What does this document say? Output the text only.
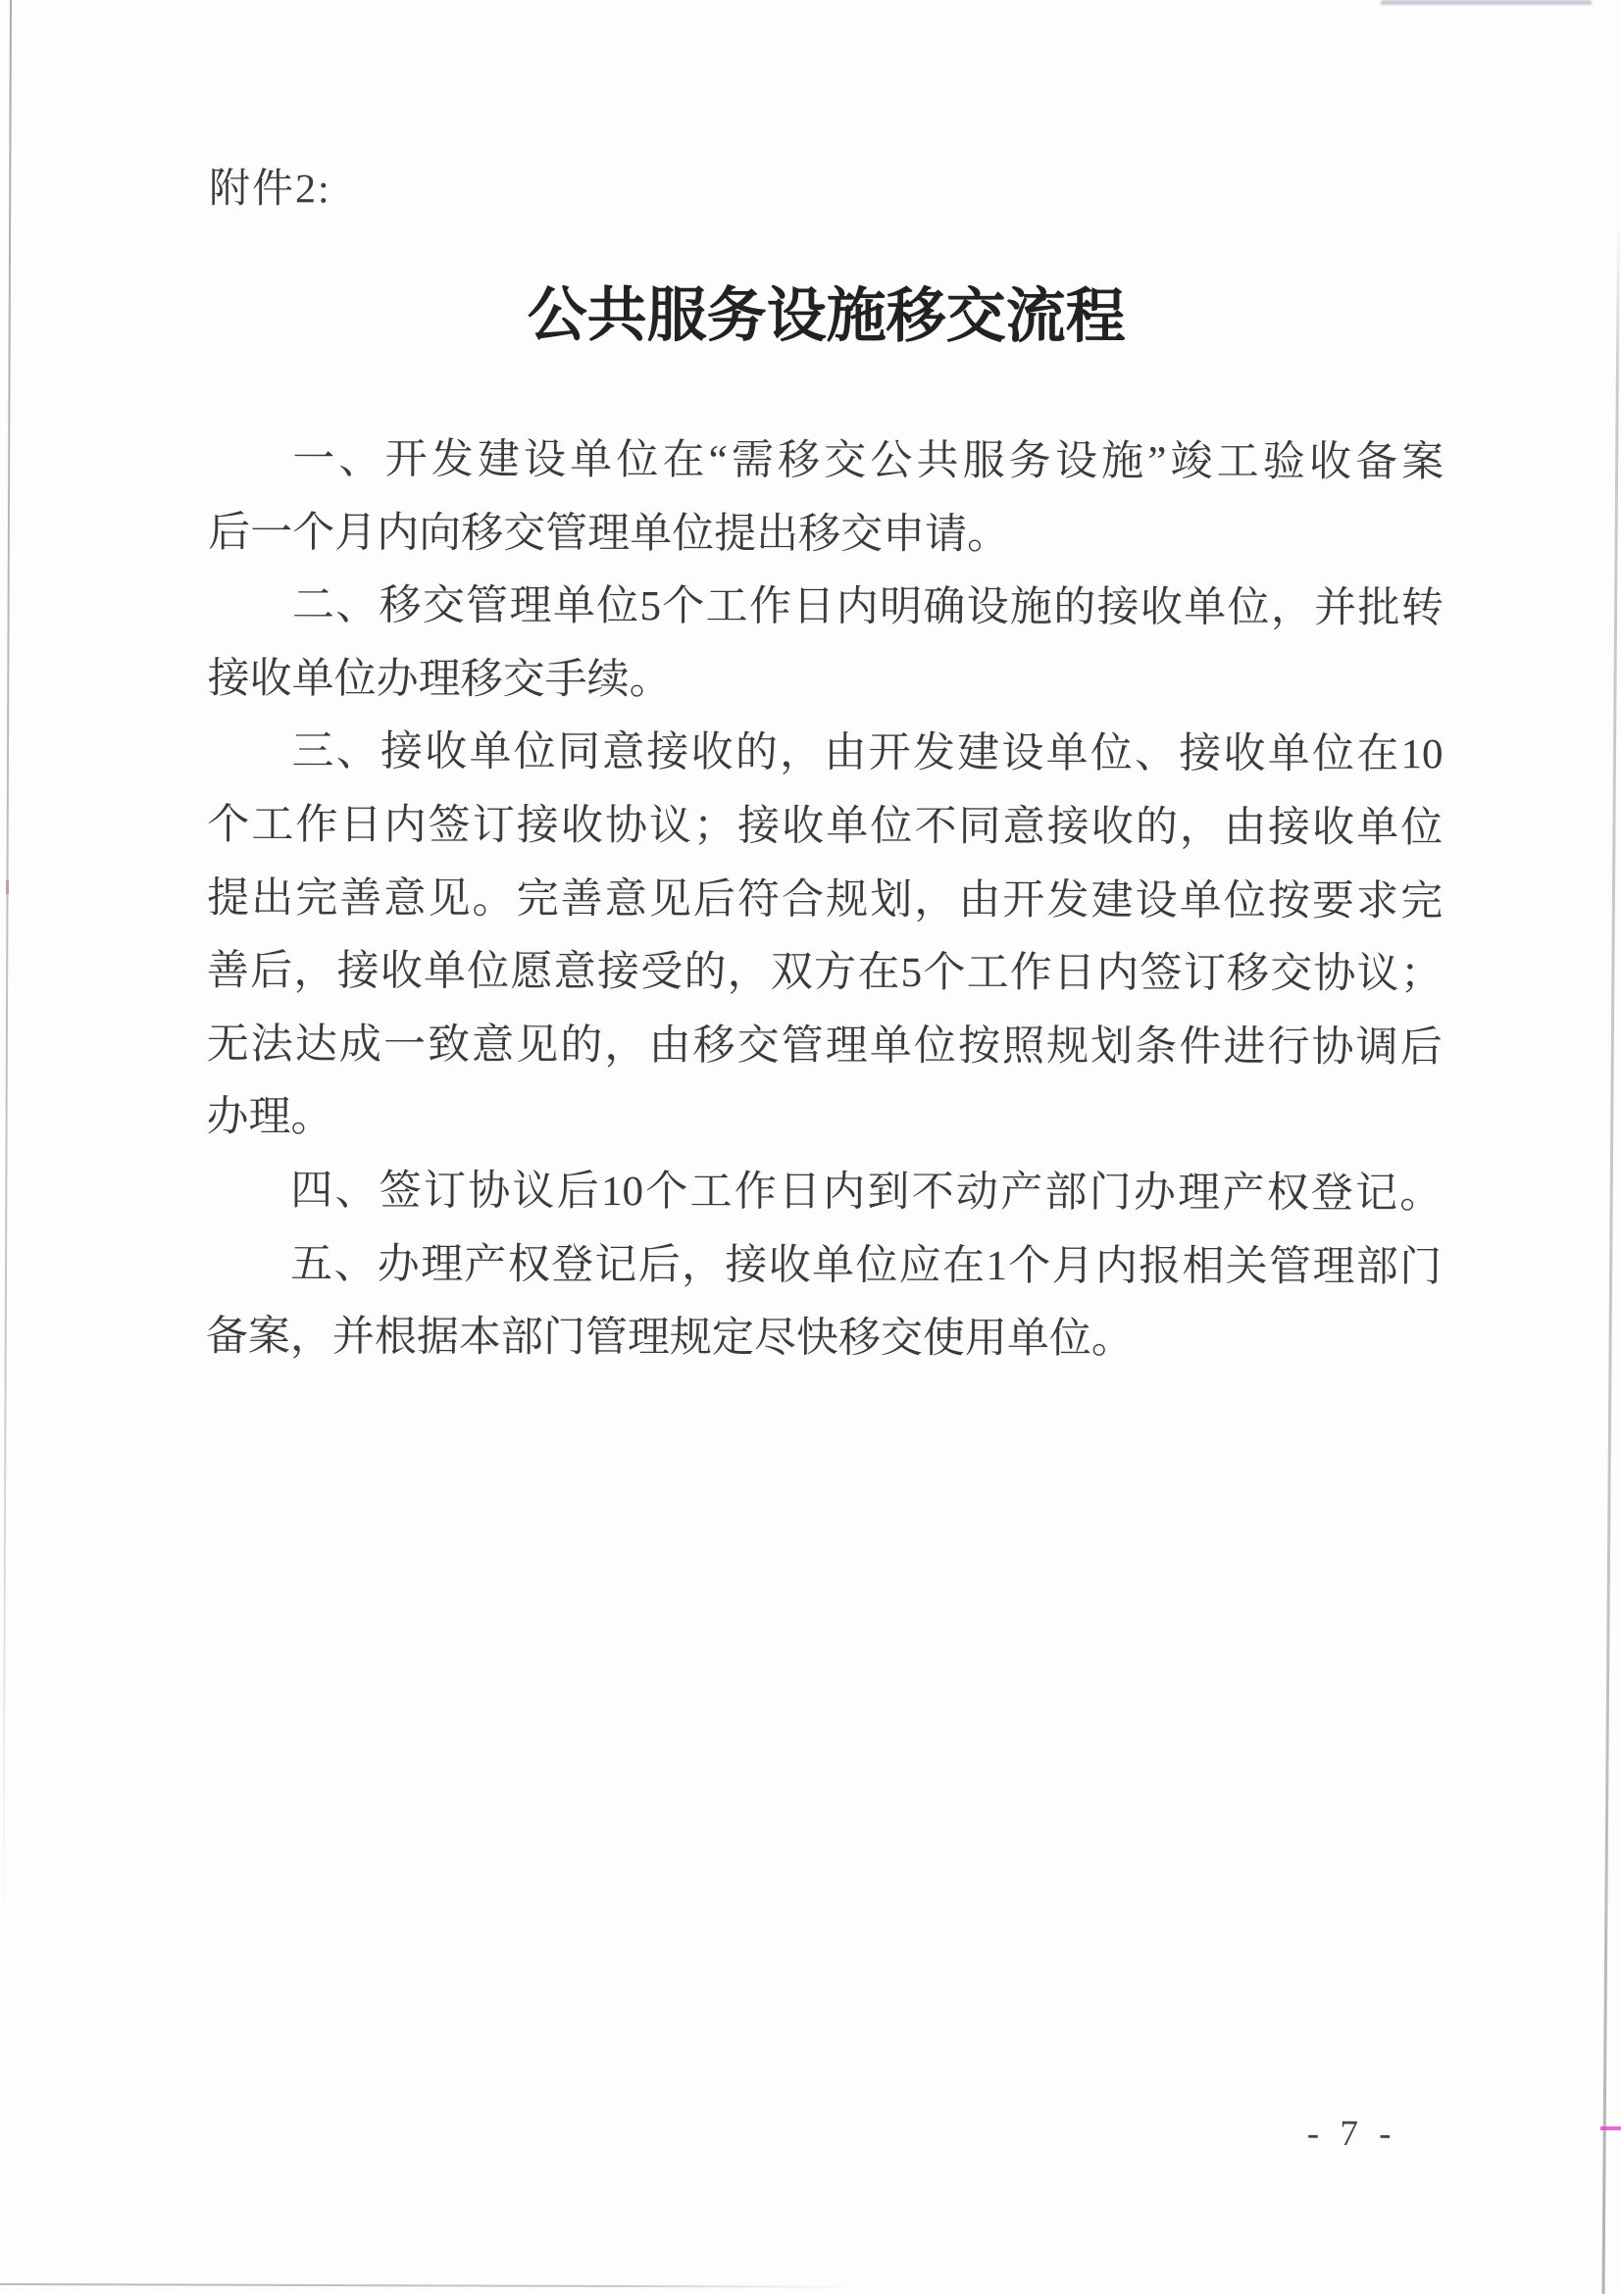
附件2:
公共服务设施移交流程
一、开发建设单位在“需移交公共服务设施”竣工验收备案
后一个月内向移交管理单位提出移交申请。
二、移交管理单位5个工作日内明确设施的接收单位，并批转
接收单位办理移交手续。
三、接收单位同意接收的，由开发建设单位、接收单位在10
个工作日内签订接收协议；接收单位不同意接收的，由接收单位
提出完善意见。完善意见后符合规划，由开发建设单位按要求完
善后，接收单位愿意接受的，双方在5个工作日内签订移交协议；
无法达成一致意见的，由移交管理单位按照规划条件进行协调后
办理。
四、签订协议后10个工作日内到不动产部门办理产权登记。
五、办理产权登记后，接收单位应在1个月内报相关管理部门
备案，并根据本部门管理规定尽快移交使用单位。
- 7 -
